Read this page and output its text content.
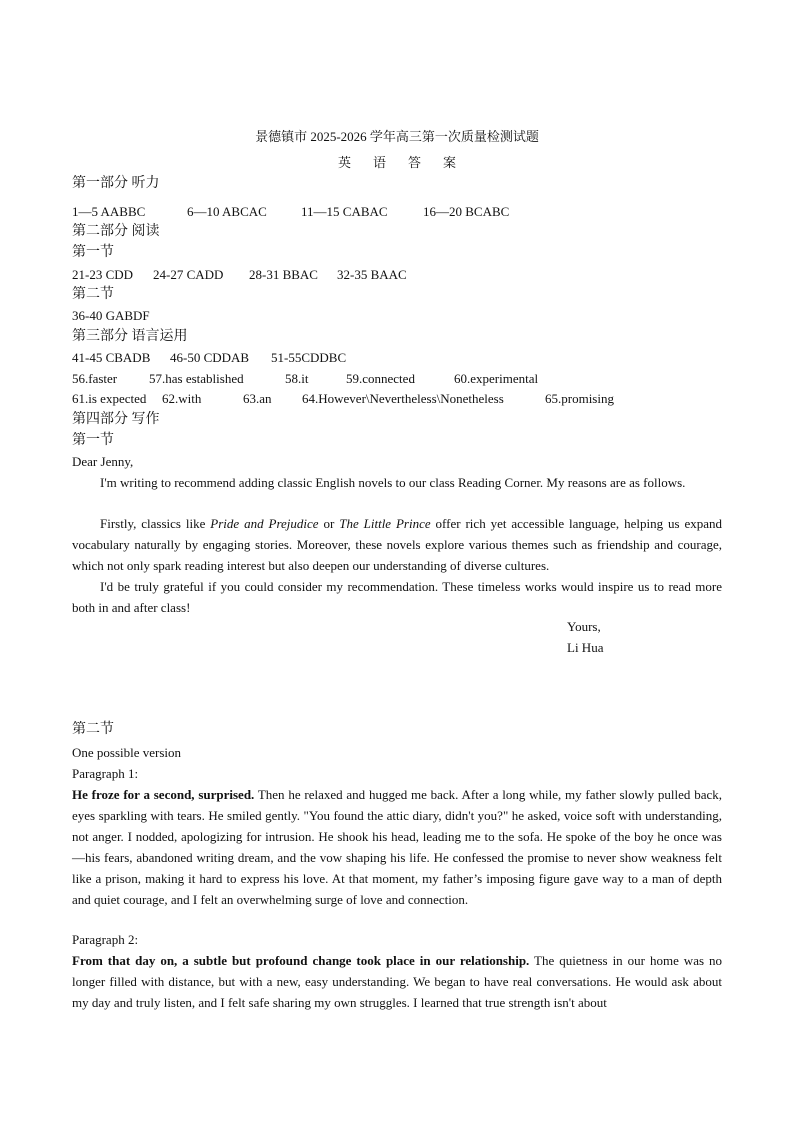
景德镇市 2025-2026 学年高三第一次质量检测试题
英语答案
第一部分 听力
1—5 AABBC	6—10 ABCAC	11—15 CABAC	16—20 BCABC
第二部分 阅读
第一节
21-23 CDD 24-27 CADD 28-31 BBAC 32-35 BAAC
第二节
36-40 GABDF
第三部分 语言运用
41-45 CBADB 46-50 CDDAB 51-55CDDBC
56.faster 57.has established	58.it	59.connected	60.experimental
61.is expected 62.with	63.an 64.However\Nevertheless\Nonetheless	65.promising
第四部分 写作
第一节
Dear Jenny,
I'm writing to recommend adding classic English novels to our class Reading Corner. My reasons are as follows.
Firstly, classics like Pride and Prejudice or The Little Prince offer rich yet accessible language, helping us expand vocabulary naturally by engaging stories. Moreover, these novels explore various themes such as friendship and courage, which not only spark reading interest but also deepen our understanding of diverse cultures.
I'd be truly grateful if you could consider my recommendation. These timeless works would inspire us to read more both in and after class!
Yours,
Li Hua
第二节
One possible version
Paragraph 1:
He froze for a second, surprised. Then he relaxed and hugged me back. After a long while, my father slowly pulled back, eyes sparkling with tears. He smiled gently. "You found the attic diary, didn't you?" he asked, voice soft with understanding, not anger. I nodded, apologizing for intrusion. He shook his head, leading me to the sofa. He spoke of the boy he once was—his fears, abandoned writing dream, and the vow shaping his life. He confessed the promise to never show weakness felt like a prison, making it hard to express his love. At that moment, my father’s imposing figure gave way to a man of depth and quiet courage, and I felt an overwhelming surge of love and connection.
Paragraph 2:
From that day on, a subtle but profound change took place in our relationship. The quietness in our home was no longer filled with distance, but with a new, easy understanding. We began to have real conversations. He would ask about my day and truly listen, and I felt safe sharing my own struggles. I learned that true strength isn't about
